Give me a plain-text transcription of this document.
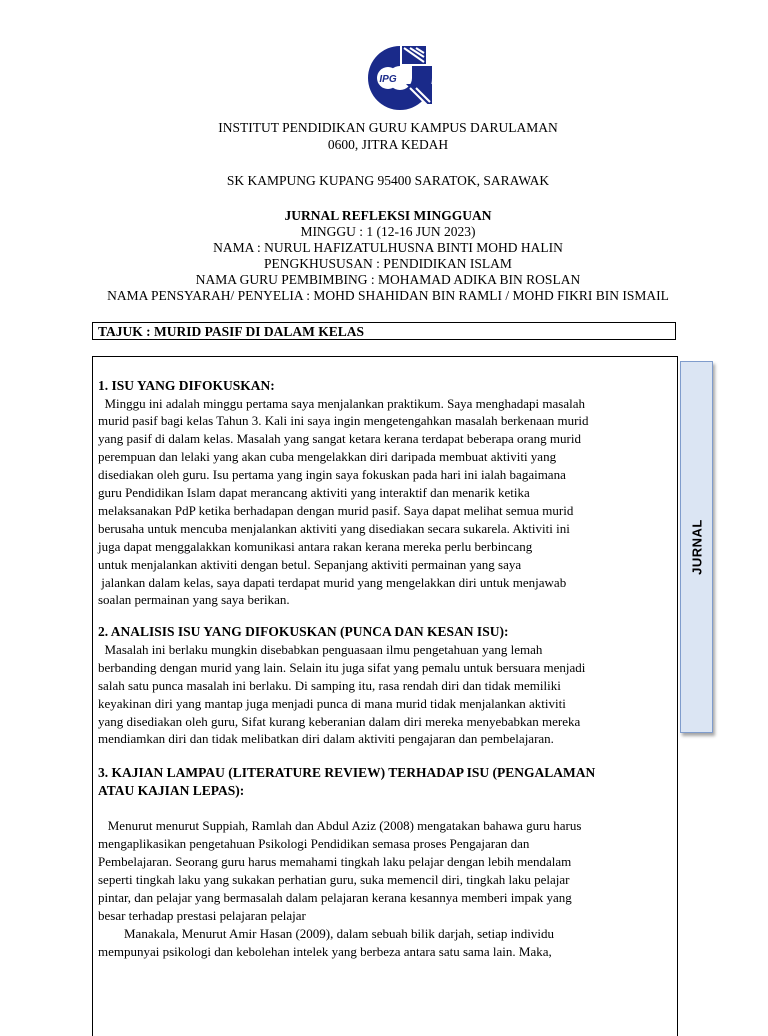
IPG
INSTITUT PENDIDIKAN GURU KAMPUS DARULAMAN
0600, JITRA KEDAH
SK KAMPUNG KUPANG 95400 SARATOK, SARAWAK
JURNAL REFLEKSI MINGGUAN
MINGGU : 1 (12-16 JUN 2023)
NAMA : NURUL HAFIZATULHUSNA BINTI MOHD HALIN
PENGKHUSUSAN : PENDIDIKAN ISLAM
NAMA GURU PEMBIMBING : MOHAMAD ADIKA BIN ROSLAN
NAMA PENSYARAH/ PENYELIA : MOHD SHAHIDAN BIN RAMLI / MOHD FIKRI BIN ISMAIL
TAJUK : MURID PASIF DI DALAM KELAS
1. ISU YANG DIFOKUSKAN:

Minggu ini adalah minggu pertama saya menjalankan praktikum. Saya menghadapi masalah
murid pasif bagi kelas Tahun 3. Kali ini saya ingin mengetengahkan masalah berkenaan murid
yang pasif di dalam kelas. Masalah yang sangat ketara kerana terdapat beberapa orang murid
perempuan dan lelaki yang akan cuba mengelakkan diri daripada membuat aktiviti yang
disediakan oleh guru. Isu pertama yang ingin saya fokuskan pada hari ini ialah bagaimana
guru Pendidikan Islam dapat merancang aktiviti yang interaktif dan menarik ketika
melaksanakan PdP ketika berhadapan dengan murid pasif. Saya dapat melihat semua murid
berusaha untuk mencuba menjalankan aktiviti yang disediakan secara sukarela. Aktiviti ini
juga dapat menggalakkan komunikasi antara rakan kerana mereka perlu berbincang
untuk menjalankan aktiviti dengan betul. Sepanjang aktiviti permainan yang saya
jalankan dalam kelas, saya dapati terdapat murid yang mengelakkan diri untuk menjawab
soalan permainan yang saya berikan.

2. ANALISIS ISU YANG DIFOKUSKAN (PUNCA DAN KESAN ISU):

Masalah ini berlaku mungkin disebabkan penguasaan ilmu pengetahuan yang lemah
berbanding dengan murid yang lain. Selain itu juga sifat yang pemalu untuk bersuara menjadi
salah satu punca masalah ini berlaku. Di samping itu, rasa rendah diri dan tidak memiliki
keyakinan diri yang mantap juga menjadi punca di mana murid tidak menjalankan aktiviti
yang disediakan oleh guru, Sifat kurang keberanian dalam diri mereka menyebabkan mereka
mendiamkan diri dan tidak melibatkan diri dalam aktiviti pengajaran dan pembelajaran.

3. KAJIAN LAMPAU (LITERATURE REVIEW) TERHADAP ISU (PENGALAMAN
ATAU KAJIAN LEPAS):

Menurut menurut Suppiah, Ramlah dan Abdul Aziz (2008) mengatakan bahawa guru harus
mengaplikasikan pengetahuan Psikologi Pendidikan semasa proses Pengajaran dan
Pembelajaran. Seorang guru harus memahami tingkah laku pelajar dengan lebih mendalam
seperti tingkah laku yang sukakan perhatian guru, suka memencil diri, tingkah laku pelajar
pintar, dan pelajar yang bermasalah dalam pelajaran kerana kesannya memberi impak yang
besar terhadap prestasi pelajaran pelajar
Manakala, Menurut Amir Hasan (2009), dalam sebuah bilik darjah, setiap individu
mempunyai psikologi dan kebolehan intelek yang berbeza antara satu sama lain. Maka,

JURNAL
